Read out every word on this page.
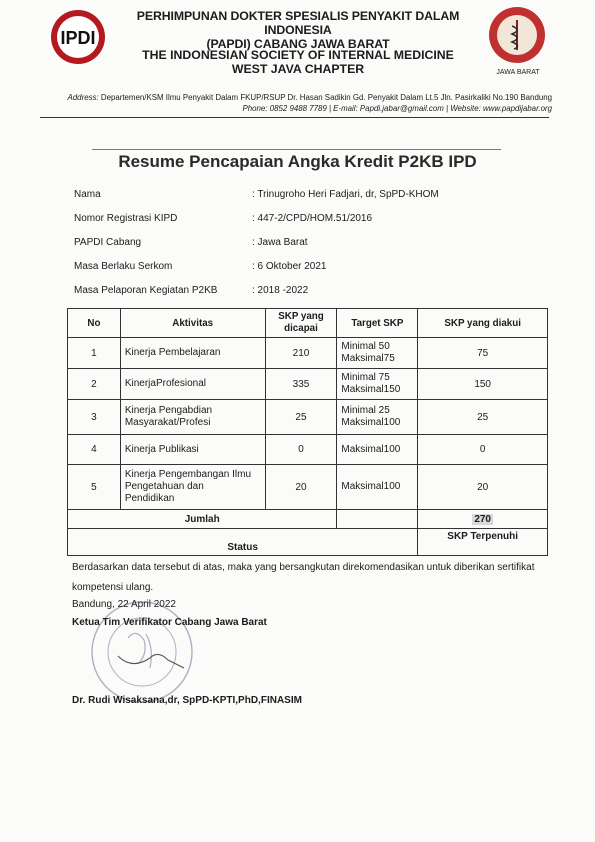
IPDI
JAWA BARAT
PERHIMPUNAN DOKTER SPESIALIS PENYAKIT DALAM INDONESIA
(PAPDI) CABANG JAWA BARAT
THE INDONESIAN SOCIETY OF INTERNAL MEDICINE
WEST JAVA CHAPTER
Address: Departemen/KSM Ilmu Penyakit Dalam FKUP/RSUP Dr. Hasan Sadikin Gd. Penyakit Dalam Lt.5 Jln. Pasirkaliki No.190 Bandung
Phone: 0852 9488 7789 | E-mail: Papdi.jabar@gmail.com | Website: www.papdijabar.org
Resume Pencapaian Angka Kredit P2KB IPD
Nama	: Trinugroho Heri Fadjari, dr, SpPD-KHOM
Nomor Registrasi KIPD	: 447-2/CPD/HOM.51/2016
PAPDI Cabang	: Jawa Barat
Masa Berlaku Serkom	: 6 Oktober 2021
Masa Pelaporan Kegiatan P2KB	: 2018 -2022
No	Aktivitas	SKP yang
dicapai	Target SKP	SKP yang diakui
1	Kinerja Pembelajaran	210	Minimal 50
Maksimal75	75
2	KinerjaProfesional	335	Minimal 75
Maksimal150	150
3	Kinerja Pengabdian
Masyarakat/Profesi	25	Minimal 25
Maksimal100	25
4	Kinerja Publikasi	0	Maksimal100	0
5	Kinerja Pengembangan Ilmu
Pengetahuan dan
Pendidikan	20	Maksimal100	20
Jumlah				270
Status				SKP Terpenuhi
Berdasarkan data tersebut di atas, maka yang bersangkutan direkomendasikan untuk diberikan sertifikat kompetensi ulang.
Bandung, 22 April 2022
Ketua Tim Verifikator Cabang Jawa Barat
Dr. Rudi Wisaksana,dr, SpPD-KPTI,PhD,FINASIM
